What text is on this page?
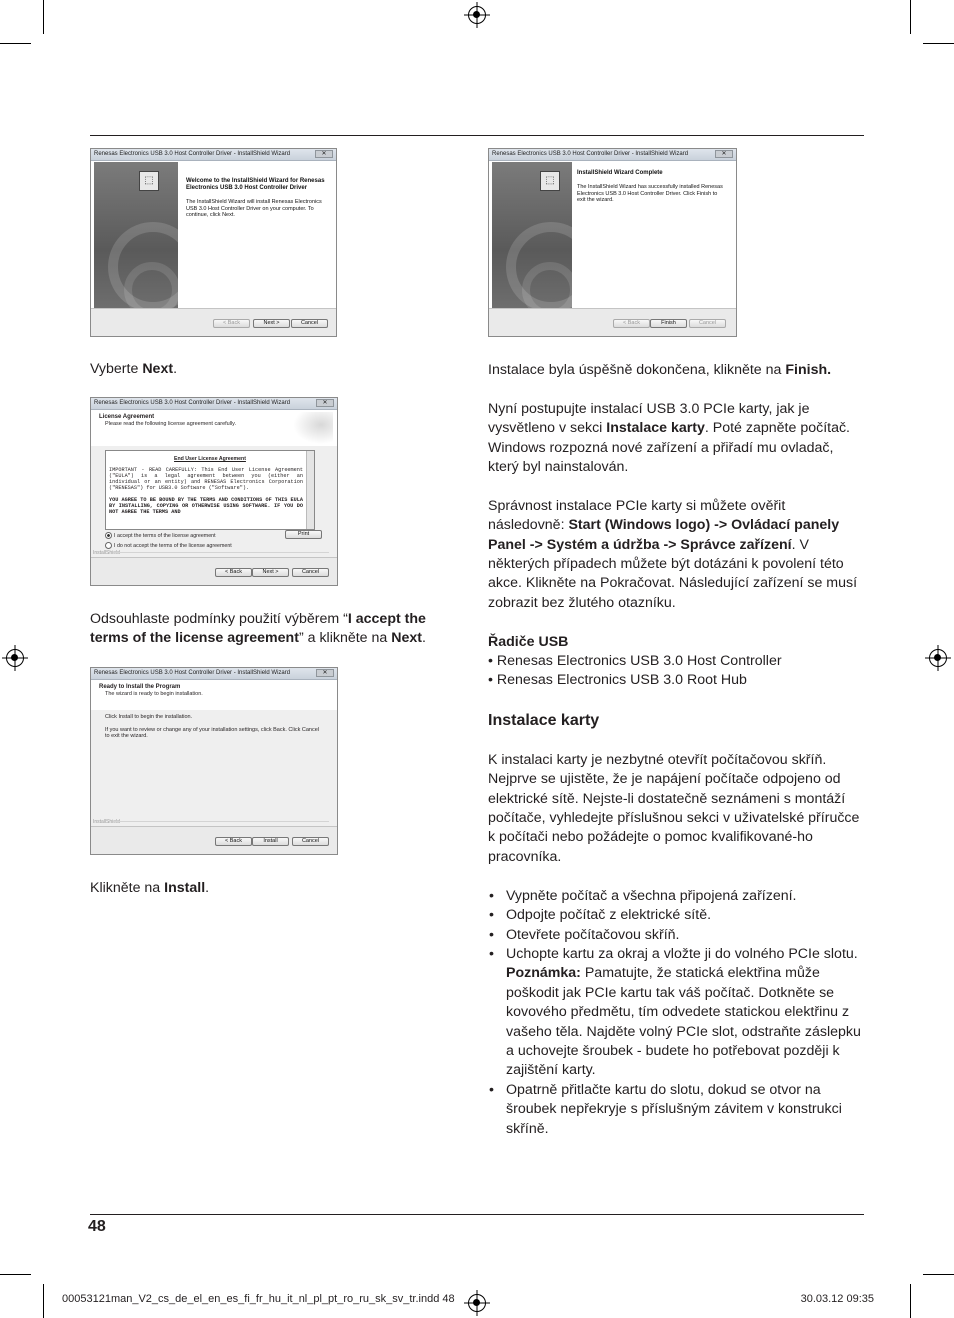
Renesas Electronics USB 3.0 Host Controller Driver - InstallShield Wizard	✕
⬚	Welcome to the InstallShield Wizard for Renesas Electronics USB 3.0 Host Controller Driver

The InstallShield Wizard will install Renesas Electronics USB 3.0 Host Controller Driver on your computer. To continue, click Next.

< Back	Next >	Cancel
Renesas Electronics USB 3.0 Host Controller Driver - InstallShield Wizard	✕
⬚
InstallShield Wizard Complete

The InstallShield Wizard has successfully installed Renesas Electronics USB 3.0 Host Controller Driver. Click Finish to exit the wizard.

< Back	Finish	Cancel

Vyberte Next.

Renesas Electronics USB 3.0 Host Controller Driver - InstallShield Wizard	✕
License Agreement

Please read the following license agreement carefully.

End User License Agreement

IMPORTANT - READ CAREFULLY: This End User License Agreement ("EULA") is a legal agreement between you (either an individual or an entity) and RENESAS Electronics Corporation ("RENESAS") for USB3.0 Software ("Software").

YOU AGREE TO BE BOUND BY THE TERMS AND CONDITIONS OF THIS EULA BY INSTALLING, COPYING OR OTHERWISE USING SOFTWARE. IF YOU DO NOT AGREE THE TERMS AND

I accept the terms of the license agreement
I do not accept the terms of the license agreement
Print
InstallShield
< Back	Next >	Cancel

Odsouhlaste podmínky použití výběrem “I accept the terms of the license agreement” a klikněte na Next.

Renesas Electronics USB 3.0 Host Controller Driver - InstallShield Wizard	✕
Ready to Install the Program

The wizard is ready to begin installation.

Click Install to begin the installation.

If you want to review or change any of your installation settings, click Back. Click Cancel to exit the wizard.

InstallShield
< Back	Install	Cancel

Klikněte na Install.

Instalace byla úspěšně dokončena, klikněte na Finish.

Nyní postupujte instalací USB 3.0 PCIe karty, jak je vysvětleno v sekci Instalace karty. Poté zapněte počítač. Windows rozpozná nové zařízení a přiřadí mu ovladač, který byl nainstalován.

Správnost instalace PCIe karty si můžete ověřit následovně: Start (Windows logo) -> Ovládací panely Panel -> Systém a údržba -> Správce zařízení. V některých případech můžete být dotázáni k povolení této akce. Klikněte na Pokračovat. Následující zařízení se musí zobrazit bez žlutého otazníku.

Řadiče USB

• Renesas Electronics USB 3.0 Host Controller

• Renesas Electronics USB 3.0 Root Hub

Instalace karty

K instalaci karty je nezbytné otevřít počítačovou skříň. Nejprve se ujistěte, že je napájení počítače odpojeno od elektrické sítě. Nejste-li dostatečně seznámeni s montáží počítače, vyhledejte příslušnou sekci v uživatelské příručce k počítači nebo požádejte o pomoc kvalifikované-ho pracovníka.

• Vypněte počítač a všechna připojená zařízení.
• Odpojte počítač z elektrické sítě.
• Otevřete počítačovou skříň.
• Uchopte kartu za okraj a vložte ji do volného PCIe slotu.
Poznámka: Pamatujte, že statická elektřina může poškodit jak PCIe kartu tak váš počítač. Dotkněte se kovového předmětu, tím odvedete statickou elektřinu z vašeho těla. Najděte volný PCIe slot, odstraňte záslepku a uchovejte šroubek - budete ho potřebovat později k zajištění karty.
• Opatrně přitlačte kartu do slotu, dokud se otvor na šroubek nepřekryje s příslušným závitem v konstrukci skříně.
48
00053121man_V2_cs_de_el_en_es_fi_fr_hu_it_nl_pl_pt_ro_ru_sk_sv_tr.indd 48	30.03.12 09:35
